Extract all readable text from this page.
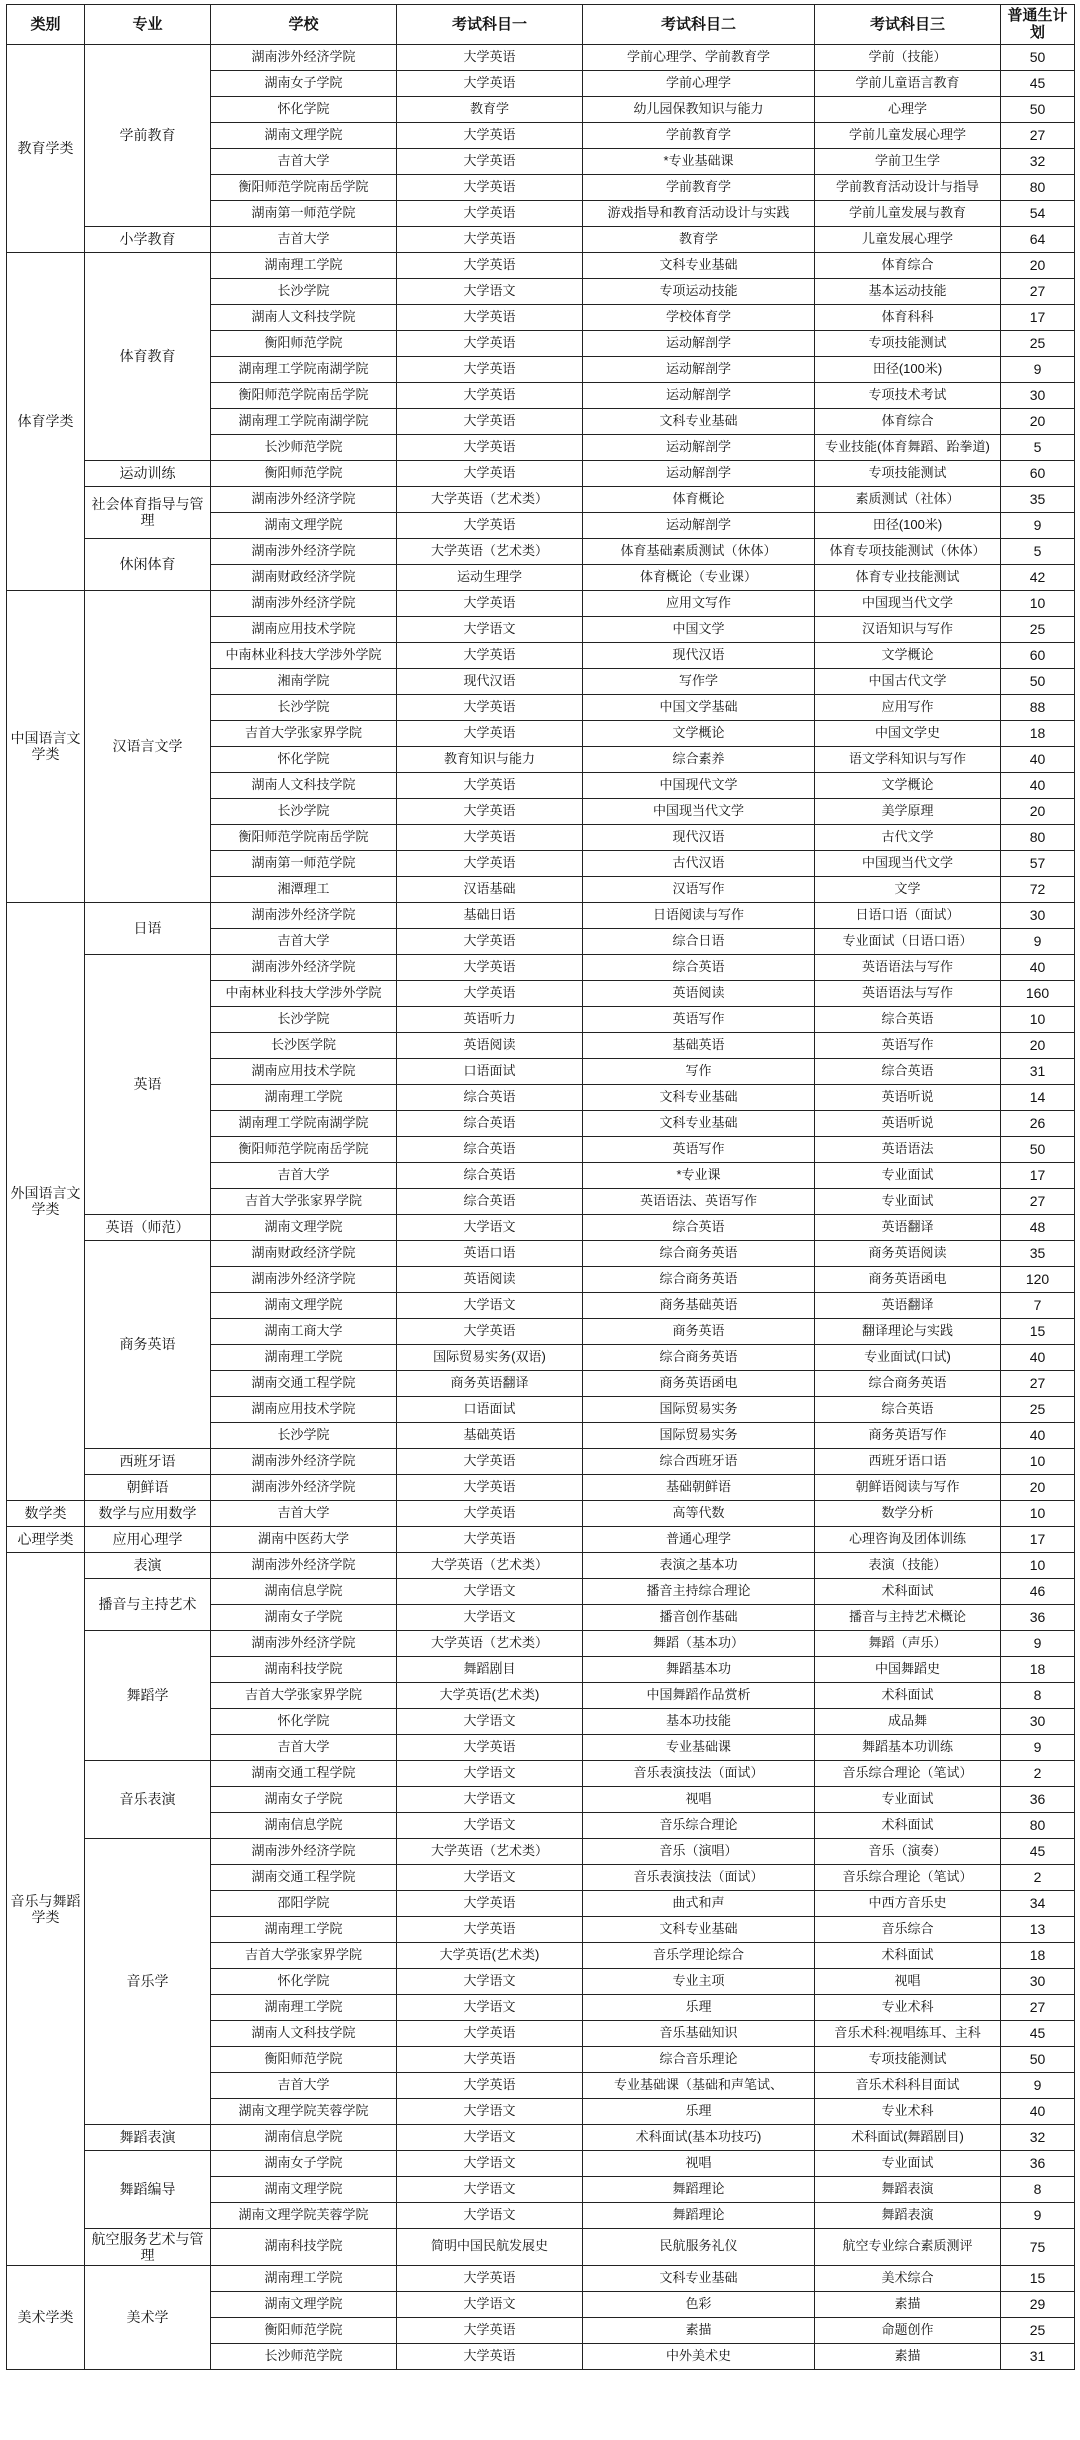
类别	专业	学校	考试科目一	考试科目二	考试科目三	普通生计划
教育学类	学前教育	湖南涉外经济学院	大学英语	学前心理学、学前教育学	学前（技能）	50
		湖南女子学院	大学英语	学前心理学	学前儿童语言教育	45
		怀化学院	教育学	幼儿园保教知识与能力	心理学	50
		湖南文理学院	大学英语	学前教育学	学前儿童发展心理学	27
		吉首大学	大学英语	*专业基础课	学前卫生学	32
		衡阳师范学院南岳学院	大学英语	学前教育学	学前教育活动设计与指导	80
		湖南第一师范学院	大学英语	游戏指导和教育活动设计与实践	学前儿童发展与教育	54
	小学教育	吉首大学	大学英语	教育学	儿童发展心理学	64
体育学类	体育教育	湖南理工学院	大学英语	文科专业基础	体育综合	20
		长沙学院	大学语文	专项运动技能	基本运动技能	27
		湖南人文科技学院	大学英语	学校体育学	体育科科	17
		衡阳师范学院	大学英语	运动解剖学	专项技能测试	25
		湖南理工学院南湖学院	大学英语	运动解剖学	田径(100米)	9
		衡阳师范学院南岳学院	大学英语	运动解剖学	专项技术考试	30
		湖南理工学院南湖学院	大学英语	文科专业基础	体育综合	20
		长沙师范学院	大学英语	运动解剖学	专业技能(体育舞蹈、跆拳道)	5
	运动训练	衡阳师范学院	大学英语	运动解剖学	专项技能测试	60
	社会体育指导与管理	湖南涉外经济学院	大学英语（艺术类）	体育概论	素质测试（社体）	35
		湖南文理学院	大学英语	运动解剖学	田径(100米)	9
	休闲体育	湖南涉外经济学院	大学英语（艺术类）	体育基础素质测试（休体）	体育专项技能测试（休体）	5
		湖南财政经济学院	运动生理学	体育概论（专业课）	体育专业技能测试	42
中国语言文学类	汉语言文学	湖南涉外经济学院	大学英语	应用文写作	中国现当代文学	10
		湖南应用技术学院	大学语文	中国文学	汉语知识与写作	25
		中南林业科技大学涉外学院	大学英语	现代汉语	文学概论	60
		湘南学院	现代汉语	写作学	中国古代文学	50
		长沙学院	大学英语	中国文学基础	应用写作	88
		吉首大学张家界学院	大学英语	文学概论	中国文学史	18
		怀化学院	教育知识与能力	综合素养	语文学科知识与写作	40
		湖南人文科技学院	大学英语	中国现代文学	文学概论	40
		长沙学院	大学英语	中国现当代文学	美学原理	20
		衡阳师范学院南岳学院	大学英语	现代汉语	古代文学	80
		湖南第一师范学院	大学英语	古代汉语	中国现当代文学	57
		湘潭理工	汉语基础	汉语写作	文学	72
外国语言文学类	日语	湖南涉外经济学院	基础日语	日语阅读与写作	日语口语（面试）	30
		吉首大学	大学英语	综合日语	专业面试（日语口语）	9
	英语	湖南涉外经济学院	大学英语	综合英语	英语语法与写作	40
		中南林业科技大学涉外学院	大学英语	英语阅读	英语语法与写作	160
		长沙学院	英语听力	英语写作	综合英语	10
		长沙医学院	英语阅读	基础英语	英语写作	20
		湖南应用技术学院	口语面试	写作	综合英语	31
		湖南理工学院	综合英语	文科专业基础	英语听说	14
		湖南理工学院南湖学院	综合英语	文科专业基础	英语听说	26
		衡阳师范学院南岳学院	综合英语	英语写作	英语语法	50
		吉首大学	综合英语	*专业课	专业面试	17
		吉首大学张家界学院	综合英语	英语语法、英语写作	专业面试	27
	英语（师范）	湖南文理学院	大学语文	综合英语	英语翻译	48
	商务英语	湖南财政经济学院	英语口语	综合商务英语	商务英语阅读	35
		湖南涉外经济学院	英语阅读	综合商务英语	商务英语函电	120
		湖南文理学院	大学语文	商务基础英语	英语翻译	7
		湖南工商大学	大学英语	商务英语	翻译理论与实践	15
		湖南理工学院	国际贸易实务(双语)	综合商务英语	专业面试(口试)	40
		湖南交通工程学院	商务英语翻译	商务英语函电	综合商务英语	27
		湖南应用技术学院	口语面试	国际贸易实务	综合英语	25
		长沙学院	基础英语	国际贸易实务	商务英语写作	40
	西班牙语	湖南涉外经济学院	大学英语	综合西班牙语	西班牙语口语	10
	朝鲜语	湖南涉外经济学院	大学英语	基础朝鲜语	朝鲜语阅读与写作	20
数学类	数学与应用数学	吉首大学	大学英语	高等代数	数学分析	10
心理学类	应用心理学	湖南中医药大学	大学英语	普通心理学	心理咨询及团体训练	17
音乐与舞蹈学类	表演	湖南涉外经济学院	大学英语（艺术类）	表演之基本功	表演（技能）	10
	播音与主持艺术	湖南信息学院	大学语文	播音主持综合理论	术科面试	46
		湖南女子学院	大学语文	播音创作基础	播音与主持艺术概论	36
	舞蹈学	湖南涉外经济学院	大学英语（艺术类）	舞蹈（基本功）	舞蹈（声乐）	9
		湖南科技学院	舞蹈剧目	舞蹈基本功	中国舞蹈史	18
		吉首大学张家界学院	大学英语(艺术类)	中国舞蹈作品赏析	术科面试	8
		怀化学院	大学语文	基本功技能	成品舞	30
		吉首大学	大学英语	专业基础课	舞蹈基本功训练	9
	音乐表演	湖南交通工程学院	大学语文	音乐表演技法（面试）	音乐综合理论（笔试）	2
		湖南女子学院	大学语文	视唱	专业面试	36
		湖南信息学院	大学语文	音乐综合理论	术科面试	80
	音乐学	湖南涉外经济学院	大学英语（艺术类）	音乐（演唱）	音乐（演奏）	45
		湖南交通工程学院	大学语文	音乐表演技法（面试）	音乐综合理论（笔试）	2
		邵阳学院	大学英语	曲式和声	中西方音乐史	34
		湖南理工学院	大学英语	文科专业基础	音乐综合	13
		吉首大学张家界学院	大学英语(艺术类)	音乐学理论综合	术科面试	18
		怀化学院	大学语文	专业主项	视唱	30
		湖南理工学院	大学语文	乐理	专业术科	27
		湖南人文科技学院	大学英语	音乐基础知识	音乐术科:视唱练耳、主科	45
		衡阳师范学院	大学英语	综合音乐理论	专项技能测试	50
		吉首大学	大学英语	专业基础课（基础和声笔试、	音乐术科科目面试	9
		湖南文理学院芙蓉学院	大学语文	乐理	专业术科	40
	舞蹈表演	湖南信息学院	大学语文	术科面试(基本功技巧)	术科面试(舞蹈剧目)	32
	舞蹈编导	湖南女子学院	大学语文	视唱	专业面试	36
		湖南文理学院	大学语文	舞蹈理论	舞蹈表演	8
		湖南文理学院芙蓉学院	大学语文	舞蹈理论	舞蹈表演	9
	航空服务艺术与管理	湖南科技学院	简明中国民航发展史	民航服务礼仪	航空专业综合素质测评	75
美术学类	美术学	湖南理工学院	大学英语	文科专业基础	美术综合	15
		湖南文理学院	大学语文	色彩	素描	29
		衡阳师范学院	大学英语	素描	命题创作	25
		长沙师范学院	大学英语	中外美术史	素描	31
